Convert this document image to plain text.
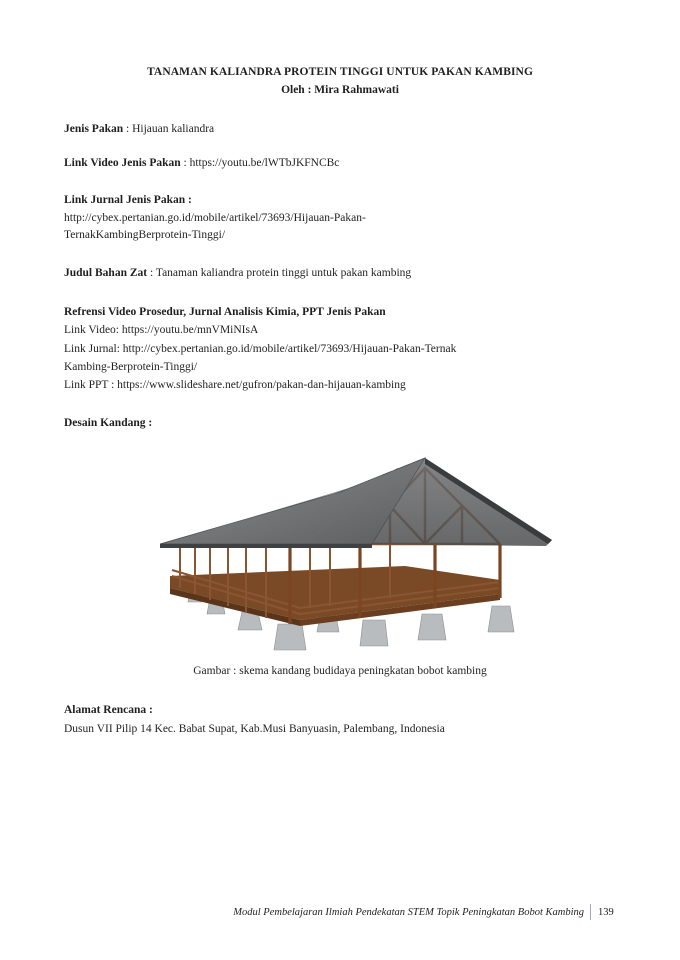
TANAMAN KALIANDRA PROTEIN TINGGI UNTUK PAKAN KAMBING
Oleh : Mira Rahmawati
Jenis Pakan : Hijauan kaliandra
Link Video Jenis Pakan : https://youtu.be/lWTbJKFNCBc
Link Jurnal Jenis Pakan :
http://cybex.pertanian.go.id/mobile/artikel/73693/Hijauan-Pakan-
TernakKambingBerprotein-Tinggi/
Judul Bahan Zat : Tanaman kaliandra protein tinggi untuk pakan kambing
Refrensi Video Prosedur, Jurnal Analisis Kimia, PPT Jenis Pakan
Link Video: https://youtu.be/mnVMiNIsA
Link Jurnal: http://cybex.pertanian.go.id/mobile/artikel/73693/Hijauan-Pakan-Ternak
Kambing-Berprotein-Tinggi/
Link PPT : https://www.slideshare.net/gufron/pakan-dan-hijauan-kambing
Desain Kandang :
Gambar : skema kandang budidaya peningkatan bobot kambing
Alamat Rencana :
Dusun VII Pilip 14 Kec. Babat Supat, Kab.Musi Banyuasin, Palembang, Indonesia
Modul Pembelajaran Ilmiah Pendekatan STEM Topik Peningkatan Bobot Kambing 139
